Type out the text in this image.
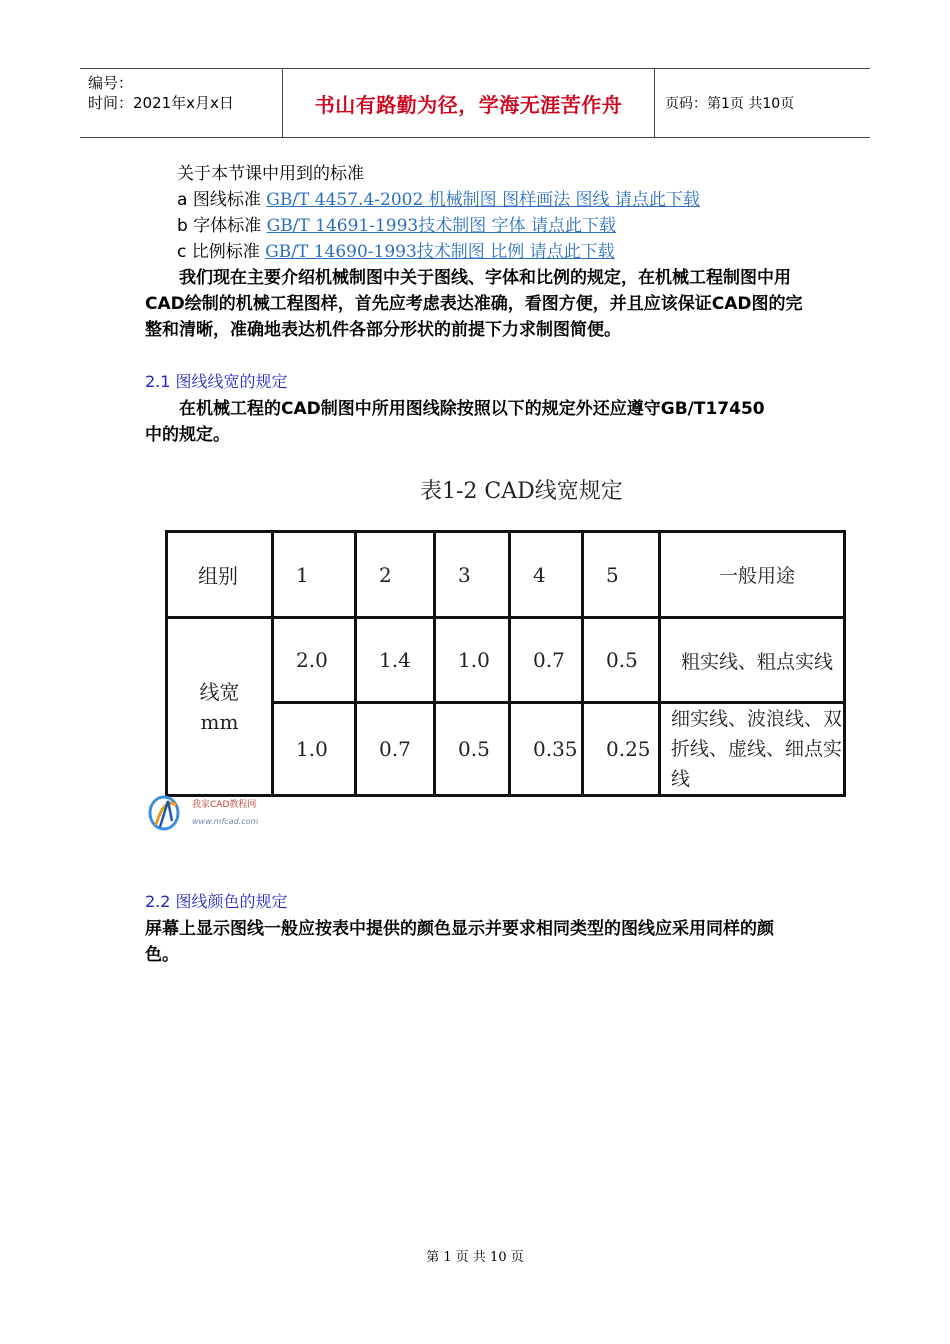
编号：
时间：2021年x月x日	书山有路勤为径，学海无涯苦作舟	页码：第1页 共10页
关于本节课中用到的标准
a 图线标准 GB/T 4457.4-2002 机械制图 图样画法 图线 请点此下载
b 字体标准 GB/T 14691-1993技术制图 字体 请点此下载
c 比例标准 GB/T 14690-1993技术制图 比例 请点此下载
我们现在主要介绍机械制图中关于图线、字体和比例的规定，在机械工程制图中用CAD绘制的机械工程图样，首先应考虑表达准确，看图方便，并且应该保证CAD图的完整和清晰，准确地表达机件各部分形状的前提下力求制图简便。
2.1 图线线宽的规定
在机械工程的CAD制图中所用图线除按照以下的规定外还应遵守GB/T17450中的规定。
表1-2 CAD线宽规定
组别	1	2	3	4	5	一般用途

线宽
mm	2.0	1.4	1.0	0.7	0.5	粗实线、粗点实线
	1.0	0.7	0.5	0.35	0.25	细实线、波浪线、双折线、虚线、细点实线
我家CAD教程网
www.mfcad.com
2.2 图线颜色的规定
屏幕上显示图线一般应按表中提供的颜色显示并要求相同类型的图线应采用同样的颜色。
第 1 页 共 10 页
